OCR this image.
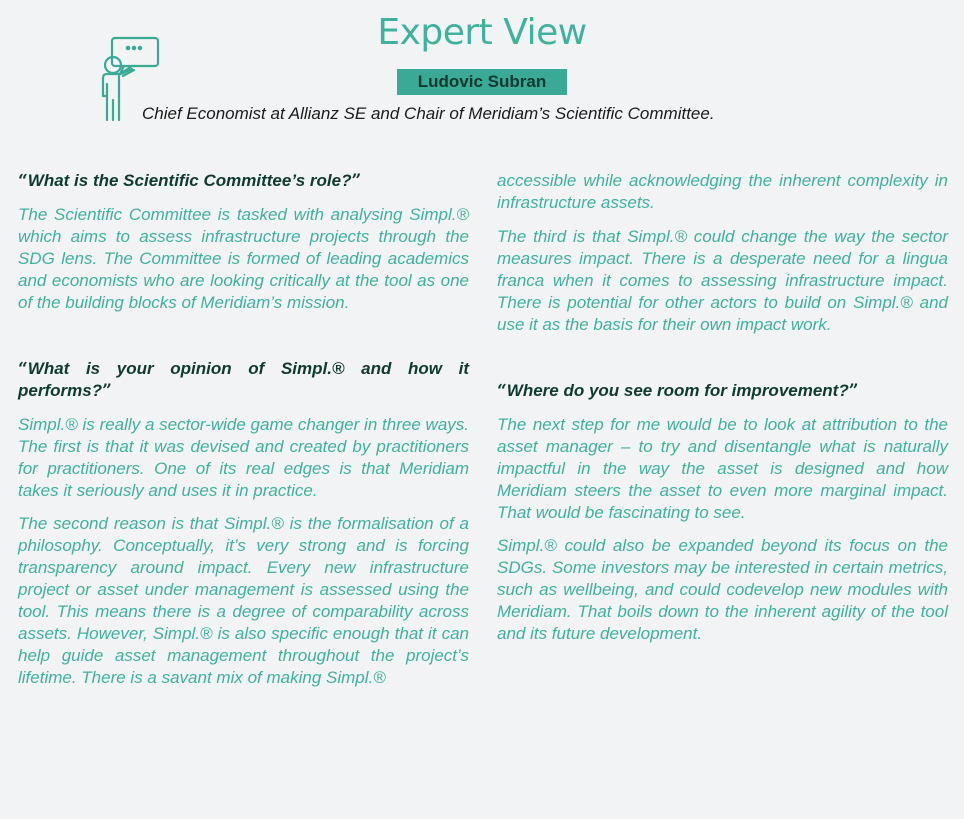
Expert View
Ludovic Subran
Chief Economist at Allianz SE and Chair of Meridiam’s Scientific Committee.

“What is the Scientific Committee’s role?”

The Scientific Committee is tasked with analysing Simpl.® which aims to assess infrastructure projects through the SDG lens. The Committee is formed of leading academics and economists who are looking critically at the tool as one of the building blocks of Meridiam’s mission.

“What is your opinion of Simpl.® and how it performs?”

Simpl.® is really a sector-wide game changer in three ways. The first is that it was devised and created by practitioners for practitioners. One of its real edges is that Meridiam takes it seriously and uses it in practice.

The second reason is that Simpl.® is the formalisation of a philosophy. Conceptually, it’s very strong and is forcing transparency around impact. Every new infrastructure project or asset under management is assessed using the tool. This means there is a degree of comparability across assets. However, Simpl.® is also specific enough that it can help guide asset management throughout the project’s lifetime. There is a savant mix of making Simpl.®

accessible while acknowledging the inherent complexity in infrastructure assets.

The third is that Simpl.® could change the way the sector measures impact. There is a desperate need for a lingua franca when it comes to assessing infrastructure impact. There is potential for other actors to build on Simpl.® and use it as the basis for their own impact work.

“Where do you see room for improvement?”

The next step for me would be to look at attribution to the asset manager – to try and disentangle what is naturally impactful in the way the asset is designed and how Meridiam steers the asset to even more marginal impact. That would be fascinating to see.

Simpl.® could also be expanded beyond its focus on the SDGs. Some investors may be interested in certain metrics, such as wellbeing, and could codevelop new modules with Meridiam. That boils down to the inherent agility of the tool and its future development.
